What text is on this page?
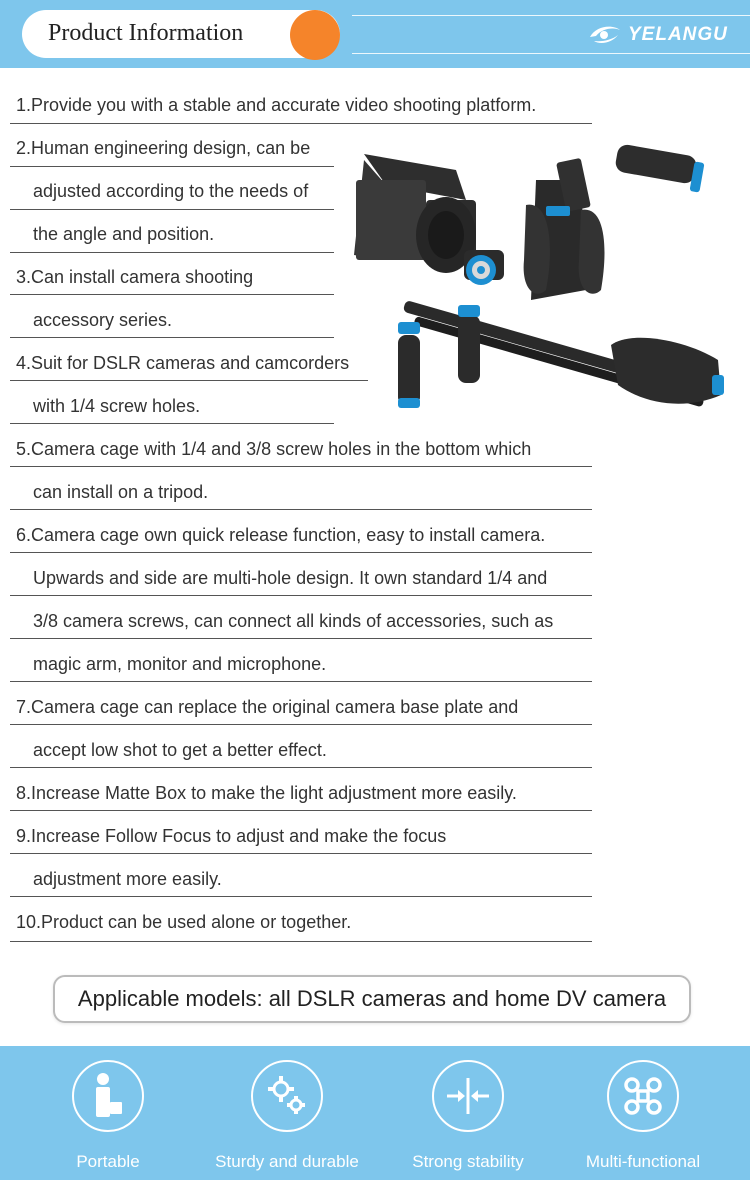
Product Information	YELANGU
1.Provide you with a stable and accurate video shooting platform.
2.Human engineering design, can be
adjusted according to the needs of
the angle and position.
3.Can install camera shooting
accessory series.
4.Suit for DSLR cameras and camcorders
with 1/4 screw holes.
5.Camera cage with 1/4 and 3/8 screw holes in the bottom which
can install on a tripod.
6.Camera cage own quick release function, easy to install camera.
Upwards and side are multi-hole design. It own standard 1/4 and
3/8 camera screws, can connect all kinds of accessories, such as
magic arm, monitor and microphone.
7.Camera cage can replace the original camera base plate and
accept low shot to get a better effect.
8.Increase Matte Box to make the light adjustment more easily.
9.Increase Follow Focus to adjust and make the focus
adjustment more easily.
10.Product can be used alone or together.
Applicable models: all DSLR cameras and home DV camera
Portable	Sturdy and durable	Strong stability	Multi-functional
